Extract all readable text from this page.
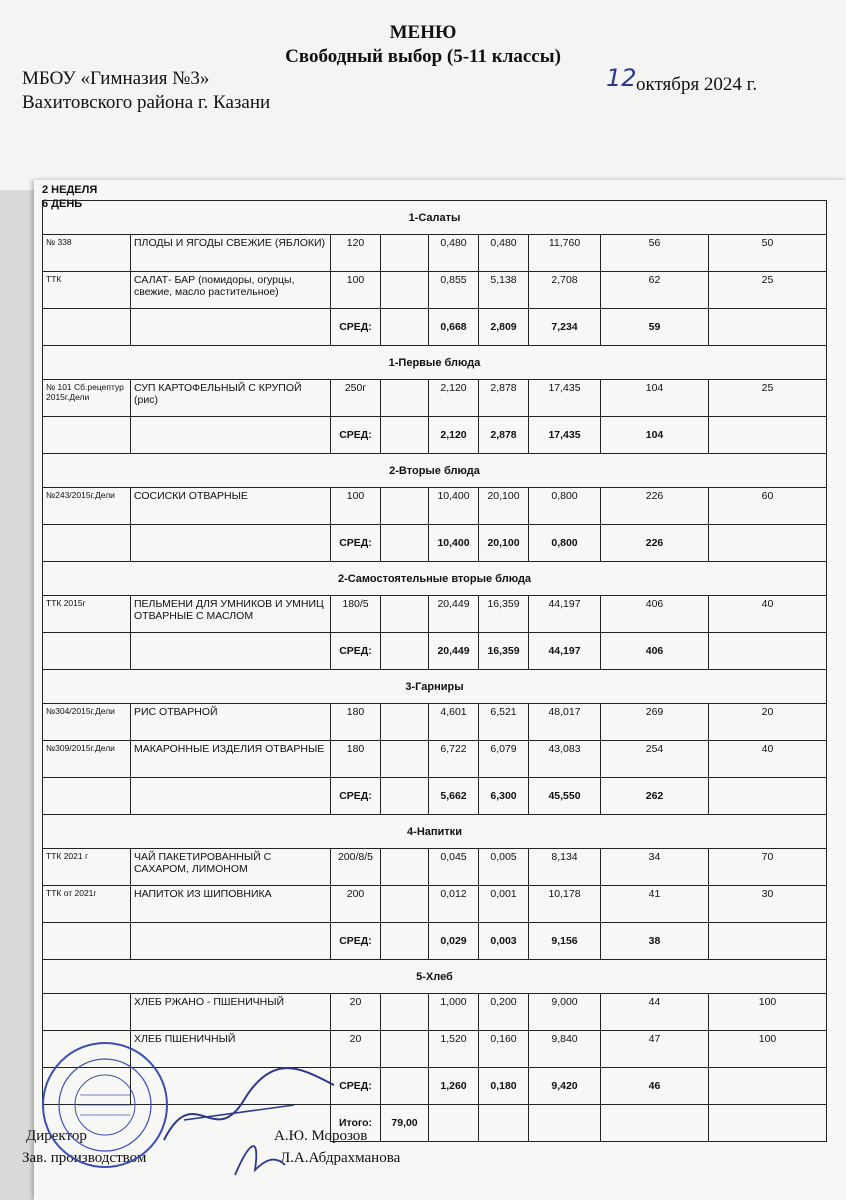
МЕНЮ
Свободный выбор (5-11 классы)
МБОУ «Гимназия №3»
Вахитовского района г. Казани
12 октября 2024 г.
2 НЕДЕЛЯ
6 ДЕНЬ
1-Салаты								
№ 338	ПЛОДЫ И ЯГОДЫ СВЕЖИЕ (ЯБЛОКИ)	120		0,480	0,480	11,760	56	50
ТТК	САЛАТ- БАР (помидоры, огурцы, свежие, масло растительное)	100		0,855	5,138	2,708	62	25
		СРЕД:		0,668	2,809	7,234	59	
1-Первые блюда								
№ 101 Сб.рецептур 2015г.Дели	СУП КАРТОФЕЛЬНЫЙ С КРУПОЙ (рис)	250г		2,120	2,878	17,435	104	25
		СРЕД:		2,120	2,878	17,435	104	
2-Вторые блюда								
№243/2015г.Дели	СОСИСКИ ОТВАРНЫЕ	100		10,400	20,100	0,800	226	60
		СРЕД:		10,400	20,100	0,800	226	
2-Самостоятельные вторые блюда								
ТТК 2015г	ПЕЛЬМЕНИ ДЛЯ УМНИКОВ И УМНИЦ ОТВАРНЫЕ С МАСЛОМ	180/5		20,449	16,359	44,197	406	40
		СРЕД:		20,449	16,359	44,197	406	
3-Гарниры								
№304/2015г.Дели	РИС ОТВАРНОЙ	180		4,601	6,521	48,017	269	20
№309/2015г.Дели	МАКАРОННЫЕ ИЗДЕЛИЯ ОТВАРНЫЕ	180		6,722	6,079	43,083	254	40
		СРЕД:		5,662	6,300	45,550	262	
4-Напитки								
ТТК 2021 г	ЧАЙ ПАКЕТИРОВАННЫЙ С САХАРОМ, ЛИМОНОМ	200/8/5		0,045	0,005	8,134	34	70
ТТК от 2021г	НАПИТОК ИЗ ШИПОВНИКА	200		0,012	0,001	10,178	41	30
		СРЕД:		0,029	0,003	9,156	38	
5-Хлеб								
	ХЛЕБ РЖАНО - ПШЕНИЧНЫЙ	20		1,000	0,200	9,000	44	100
	ХЛЕБ ПШЕНИЧНЫЙ	20		1,520	0,160	9,840	47	100
		СРЕД:		1,260	0,180	9,420	46	
		Итого:	79,00					
Директор	А.Ю. Морозов
Зав. производством	Л.А.Абдрахманова
